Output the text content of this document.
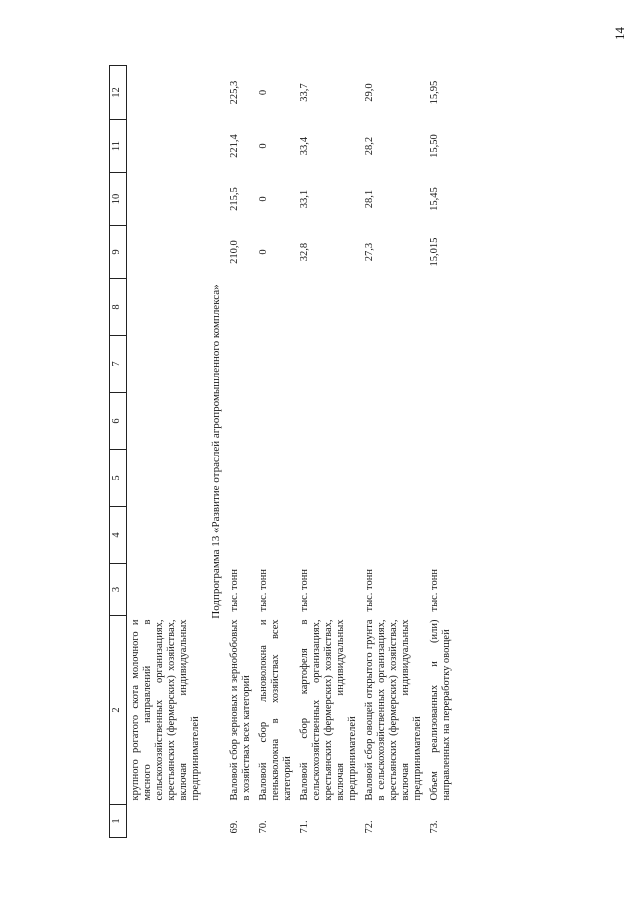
14
1	2	3	4	5	6	7	8	9	10	11	12
	крупного рогатого скота молочного и мясного направлений в сельскохозяйственных организациях, крестьянских (фермерских) хозяйствах, включая индивидуальных предпринимателей										
Подпрограмма 13 «Развитие отраслей агропромышленного комплекса»											
69.	Валовой сбор зерновых и зернобобовых в хозяйствах всех категорий	тыс. тонн						210,0	215,5	221,4	225,3
70.	Валовой сбор льноволокна и пенькволокна в хозяйствах всех категорий	тыс. тонн						0	0	0	0
71.	Валовой сбор картофеля в сельскохозяйственных организациях, крестьянских (фермерских) хозяйствах, включая индивидуальных предпринимателей	тыс. тонн						32,8	33,1	33,4	33,7
72.	Валовой сбор овощей открытого грунта в сельскохозяйственных организациях, крестьянских (фермерских) хозяйствах, включая индивидуальных предпринимателей	тыс. тонн						27,3	28,1	28,2	29,0
73.	Объем реализованных и (или) направленных на переработку овощей	тыс. тонн						15,015	15,45	15,50	15,95
